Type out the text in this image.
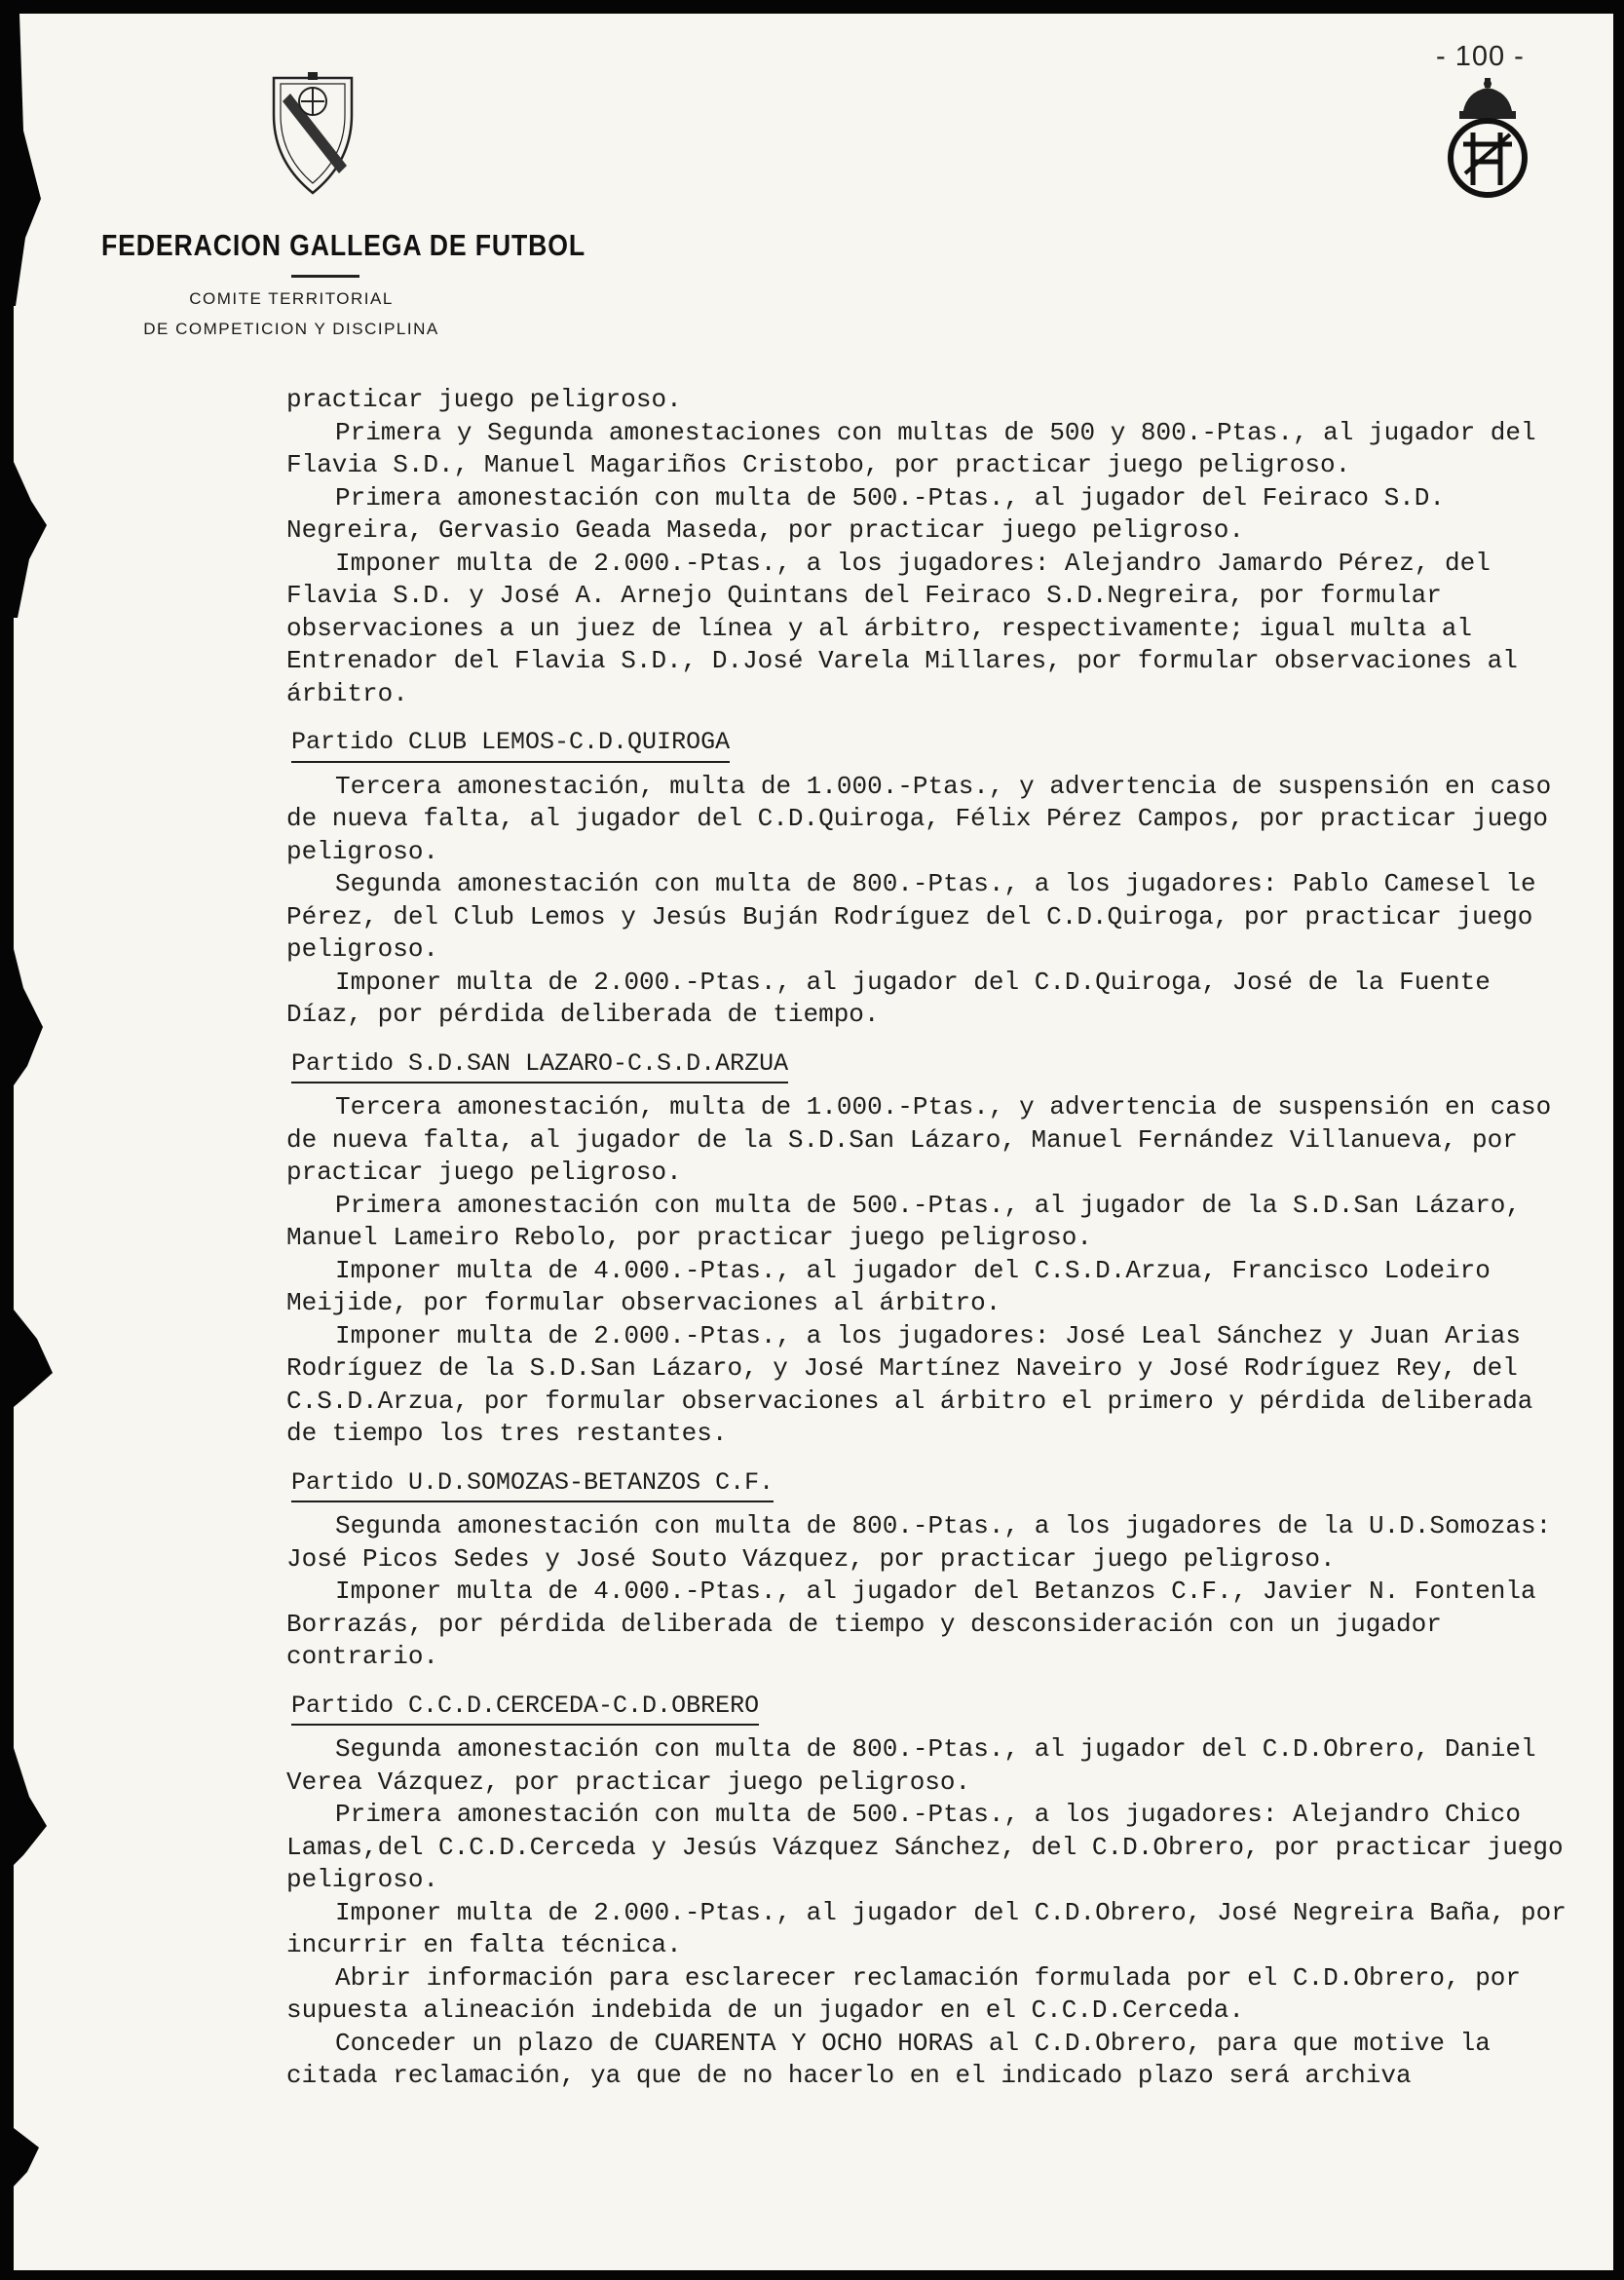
- 100 -
FEDERACION GALLEGA DE FUTBOL
COMITE TERRITORIAL
DE COMPETICION Y DISCIPLINA

practicar juego peligroso.

Primera y Segunda amonestaciones con multas de 500 y 800.-Ptas., al jugador del Flavia S.D., Manuel Magariños Cristobo, por practicar juego peligroso.

Primera amonestación con multa de 500.-Ptas., al jugador del Feiraco S.D. Negreira, Gervasio Geada Maseda, por practicar juego peligroso.

Imponer multa de 2.000.-Ptas., a los jugadores: Alejandro Jamardo Pérez, del Flavia S.D. y José A. Arnejo Quintans del Feiraco S.D.Negreira, por formular observaciones a un juez de línea y al árbitro, respectivamente; igual multa al Entrenador del Flavia S.D., D.José Varela Millares, por formular observaciones al árbitro.

Partido CLUB LEMOS-C.D.QUIROGA

Tercera amonestación, multa de 1.000.-Ptas., y advertencia de suspensión en caso de nueva falta, al jugador del C.D.Quiroga, Félix Pérez Campos, por practicar juego peligroso.

Segunda amonestación con multa de 800.-Ptas., a los jugadores: Pablo Camesel le Pérez, del Club Lemos y Jesús Buján Rodríguez del C.D.Quiroga, por practicar juego peligroso.

Imponer multa de 2.000.-Ptas., al jugador del C.D.Quiroga, José de la Fuente Díaz, por pérdida deliberada de tiempo.

Partido S.D.SAN LAZARO-C.S.D.ARZUA

Tercera amonestación, multa de 1.000.-Ptas., y advertencia de suspensión en caso de nueva falta, al jugador de la S.D.San Lázaro, Manuel Fernández Villanueva, por practicar juego peligroso.

Primera amonestación con multa de 500.-Ptas., al jugador de la S.D.San Lázaro, Manuel Lameiro Rebolo, por practicar juego peligroso.

Imponer multa de 4.000.-Ptas., al jugador del C.S.D.Arzua, Francisco Lodeiro Meijide, por formular observaciones al árbitro.

Imponer multa de 2.000.-Ptas., a los jugadores: José Leal Sánchez y Juan Arias Rodríguez de la S.D.San Lázaro, y José Martínez Naveiro y José Rodríguez Rey, del C.S.D.Arzua, por formular observaciones al árbitro el primero y pérdida deliberada de tiempo los tres restantes.

Partido U.D.SOMOZAS-BETANZOS C.F.

Segunda amonestación con multa de 800.-Ptas., a los jugadores de la U.D.Somozas: José Picos Sedes y José Souto Vázquez, por practicar juego peligroso.

Imponer multa de 4.000.-Ptas., al jugador del Betanzos C.F., Javier N. Fontenla Borrazás, por pérdida deliberada de tiempo y desconsideración con un jugador contrario.

Partido C.C.D.CERCEDA-C.D.OBRERO

Segunda amonestación con multa de 800.-Ptas., al jugador del C.D.Obrero, Daniel Verea Vázquez, por practicar juego peligroso.

Primera amonestación con multa de 500.-Ptas., a los jugadores: Alejandro Chico Lamas,del C.C.D.Cerceda y Jesús Vázquez Sánchez, del C.D.Obrero, por practicar juego peligroso.

Imponer multa de 2.000.-Ptas., al jugador del C.D.Obrero, José Negreira Baña, por incurrir en falta técnica.

Abrir información para esclarecer reclamación formulada por el C.D.Obrero, por supuesta alineación indebida de un jugador en el C.C.D.Cerceda.

Conceder un plazo de CUARENTA Y OCHO HORAS al C.D.Obrero, para que motive la citada reclamación, ya que de no hacerlo en el indicado plazo será archiva
